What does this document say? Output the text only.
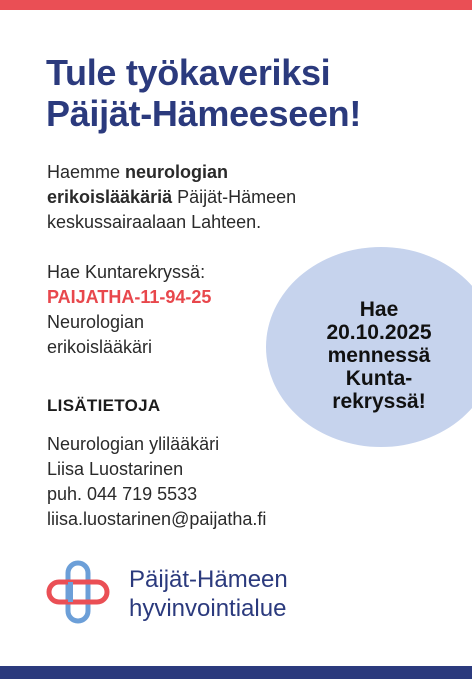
Tule työkaveriksi
Päijät-Hämeeseen!

Haemme neurologian erikoislääkäriä Päijät-Hämeen keskussairaalaan Lahteen.

Hae Kuntarekryssä:
PAIJATHA-11-94-25
Neurologian
erikoislääkäri
LISÄTIETOJA
Neurologian ylilääkäri
Liisa Luostarinen
puh. 044 719 5533
liisa.luostarinen@paijatha.fi
Hae
20.10.2025
mennessä
Kunta-
rekryssä!
Päijät-Hämeen
hyvinvointialue
